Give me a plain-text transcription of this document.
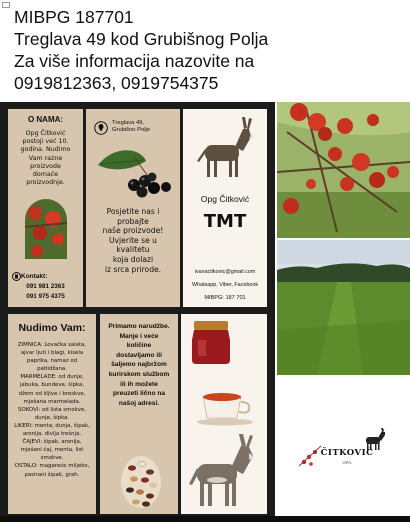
MIBPG 187701
Treglava 49 kod Grubišnog Polja
Za više informacija nazovite na
0919812363, 0919754375
O NAMA:
Opg Čitković
postoji već 10.
godina. Nudimo
Vam razne
proizvode
domaće
proizvodnje.
Kontakt:
091 981 2363
091 975 4375
Treglava 49,
Grubišno Polje
Posjetite nas i
probajte
naše proizvode!
Uvjerite se u
kvalitetu
koja dolazi
iz srca prirode.
Opg Čitković
TMT
ivanacitkovic@gmail.com
Whatsapp, Viber, Facebook
MIBPG: 187 701
Nudimo Vam:
ZIMNICA: Lovačka salata,
ajvar ljuti i blagi, kisela
paprika, namaz od
patlidžana.
MARMELADE: od dunje,
jabuka, bundeve, šipka,
džem od šljive i breskve,
mješana marmelada.
SOKOVI: od lista smokve,
dunje, šipka.
LIKERI: menta, dunja, šipak,
aronija, divlja trešnja.
ČAJEVI: šipak, aronija,
mješani čaj, menta, list
smokve.
OSTALO: magareće mlijeko,
pasirani šipak, grah.
Primamo narudžbe.
Manje i veće
količine
dostavljamo ili
šaljemo najbržom
kurirskom službom
ili ih možete
preuzeti lično na
našoj adresi.
ČITKOVIĆ
OPG
